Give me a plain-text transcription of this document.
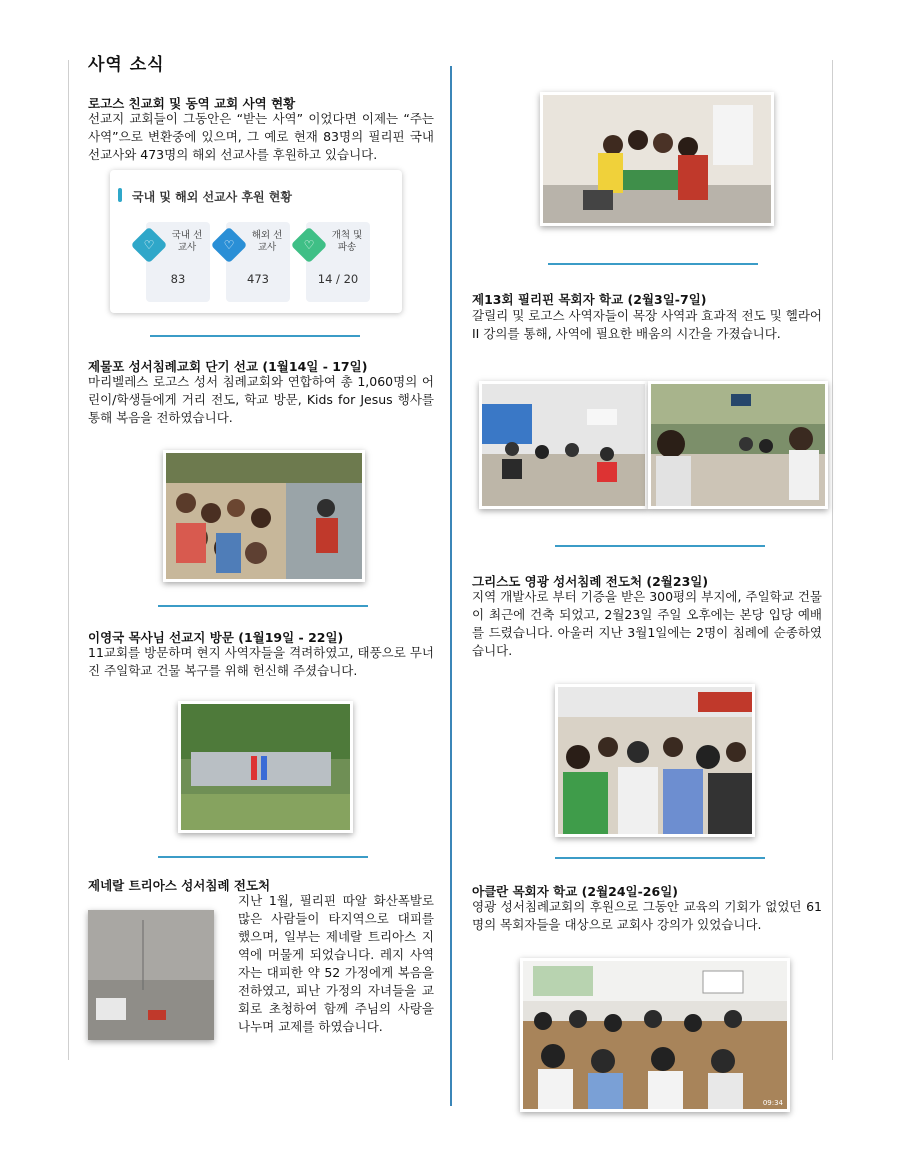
사역 소식
로고스 친교회 및 동역 교회 사역 현황

선교지 교회들이 그동안은 “받는 사역” 이었다면 이제는 “주는 사역”으로 변환중에 있으며, 그 예로 현재 83명의 필리핀 국내 선교사와 473명의 해외 선교사를 후원하고 있습니다.

국내 및 해외 선교사 후원 현황
♡
국내 선교사
83
♡
해외 선교사
473
♡
개척 및 파송
14 / 20
제물포 성서침례교회 단기 선교 (1월14일 - 17일)

마리벨레스 로고스 성서 침례교회와 연합하여 총 1,060명의 어린이/학생들에게 거리 전도, 학교 방문, Kids for Jesus 행사를 통해 복음을 전하였습니다.

이영국 목사님 선교지 방문 (1월19일 - 22일)

11교회를 방문하며 현지 사역자들을 격려하였고, 태풍으로 무너진 주일학교 건물 복구를 위해 헌신해 주셨습니다.

제네랄 트리아스 성서침례 전도처

지난 1월, 필리핀 따알 화산폭발로 많은 사람들이 타지역으로 대피를 했으며, 일부는 제네랄 트리아스 지역에 머물게 되었습니다. 레지 사역자는 대피한 약 52 가정에게 복음을 전하였고, 피난 가정의 자녀들을 교회로 초청하여 함께 주님의 사랑을 나누며 교제를 하였습니다.

제13회 필리핀 목회자 학교 (2월3일-7일)

갈릴리 및 로고스 사역자들이 목장 사역과 효과적 전도 및 헬라어 II 강의를 통해, 사역에 필요한 배움의 시간을 가졌습니다.

그리스도 영광 성서침례 전도처 (2월23일)

지역 개발사로 부터 기증을 받은 300평의 부지에, 주일학교 건물이 최근에 건축 되었고, 2월23일 주일 오후에는 본당 입당 예배를 드렸습니다. 아울러 지난 3월1일에는 2명이 침례에 순종하였습니다.

아클란 목회자 학교 (2월24일-26일)

영광 성서침례교회의 후원으로 그동안 교육의 기회가 없었던 61명의 목회자들을 대상으로 교회사 강의가 있었습니다.

09:34
